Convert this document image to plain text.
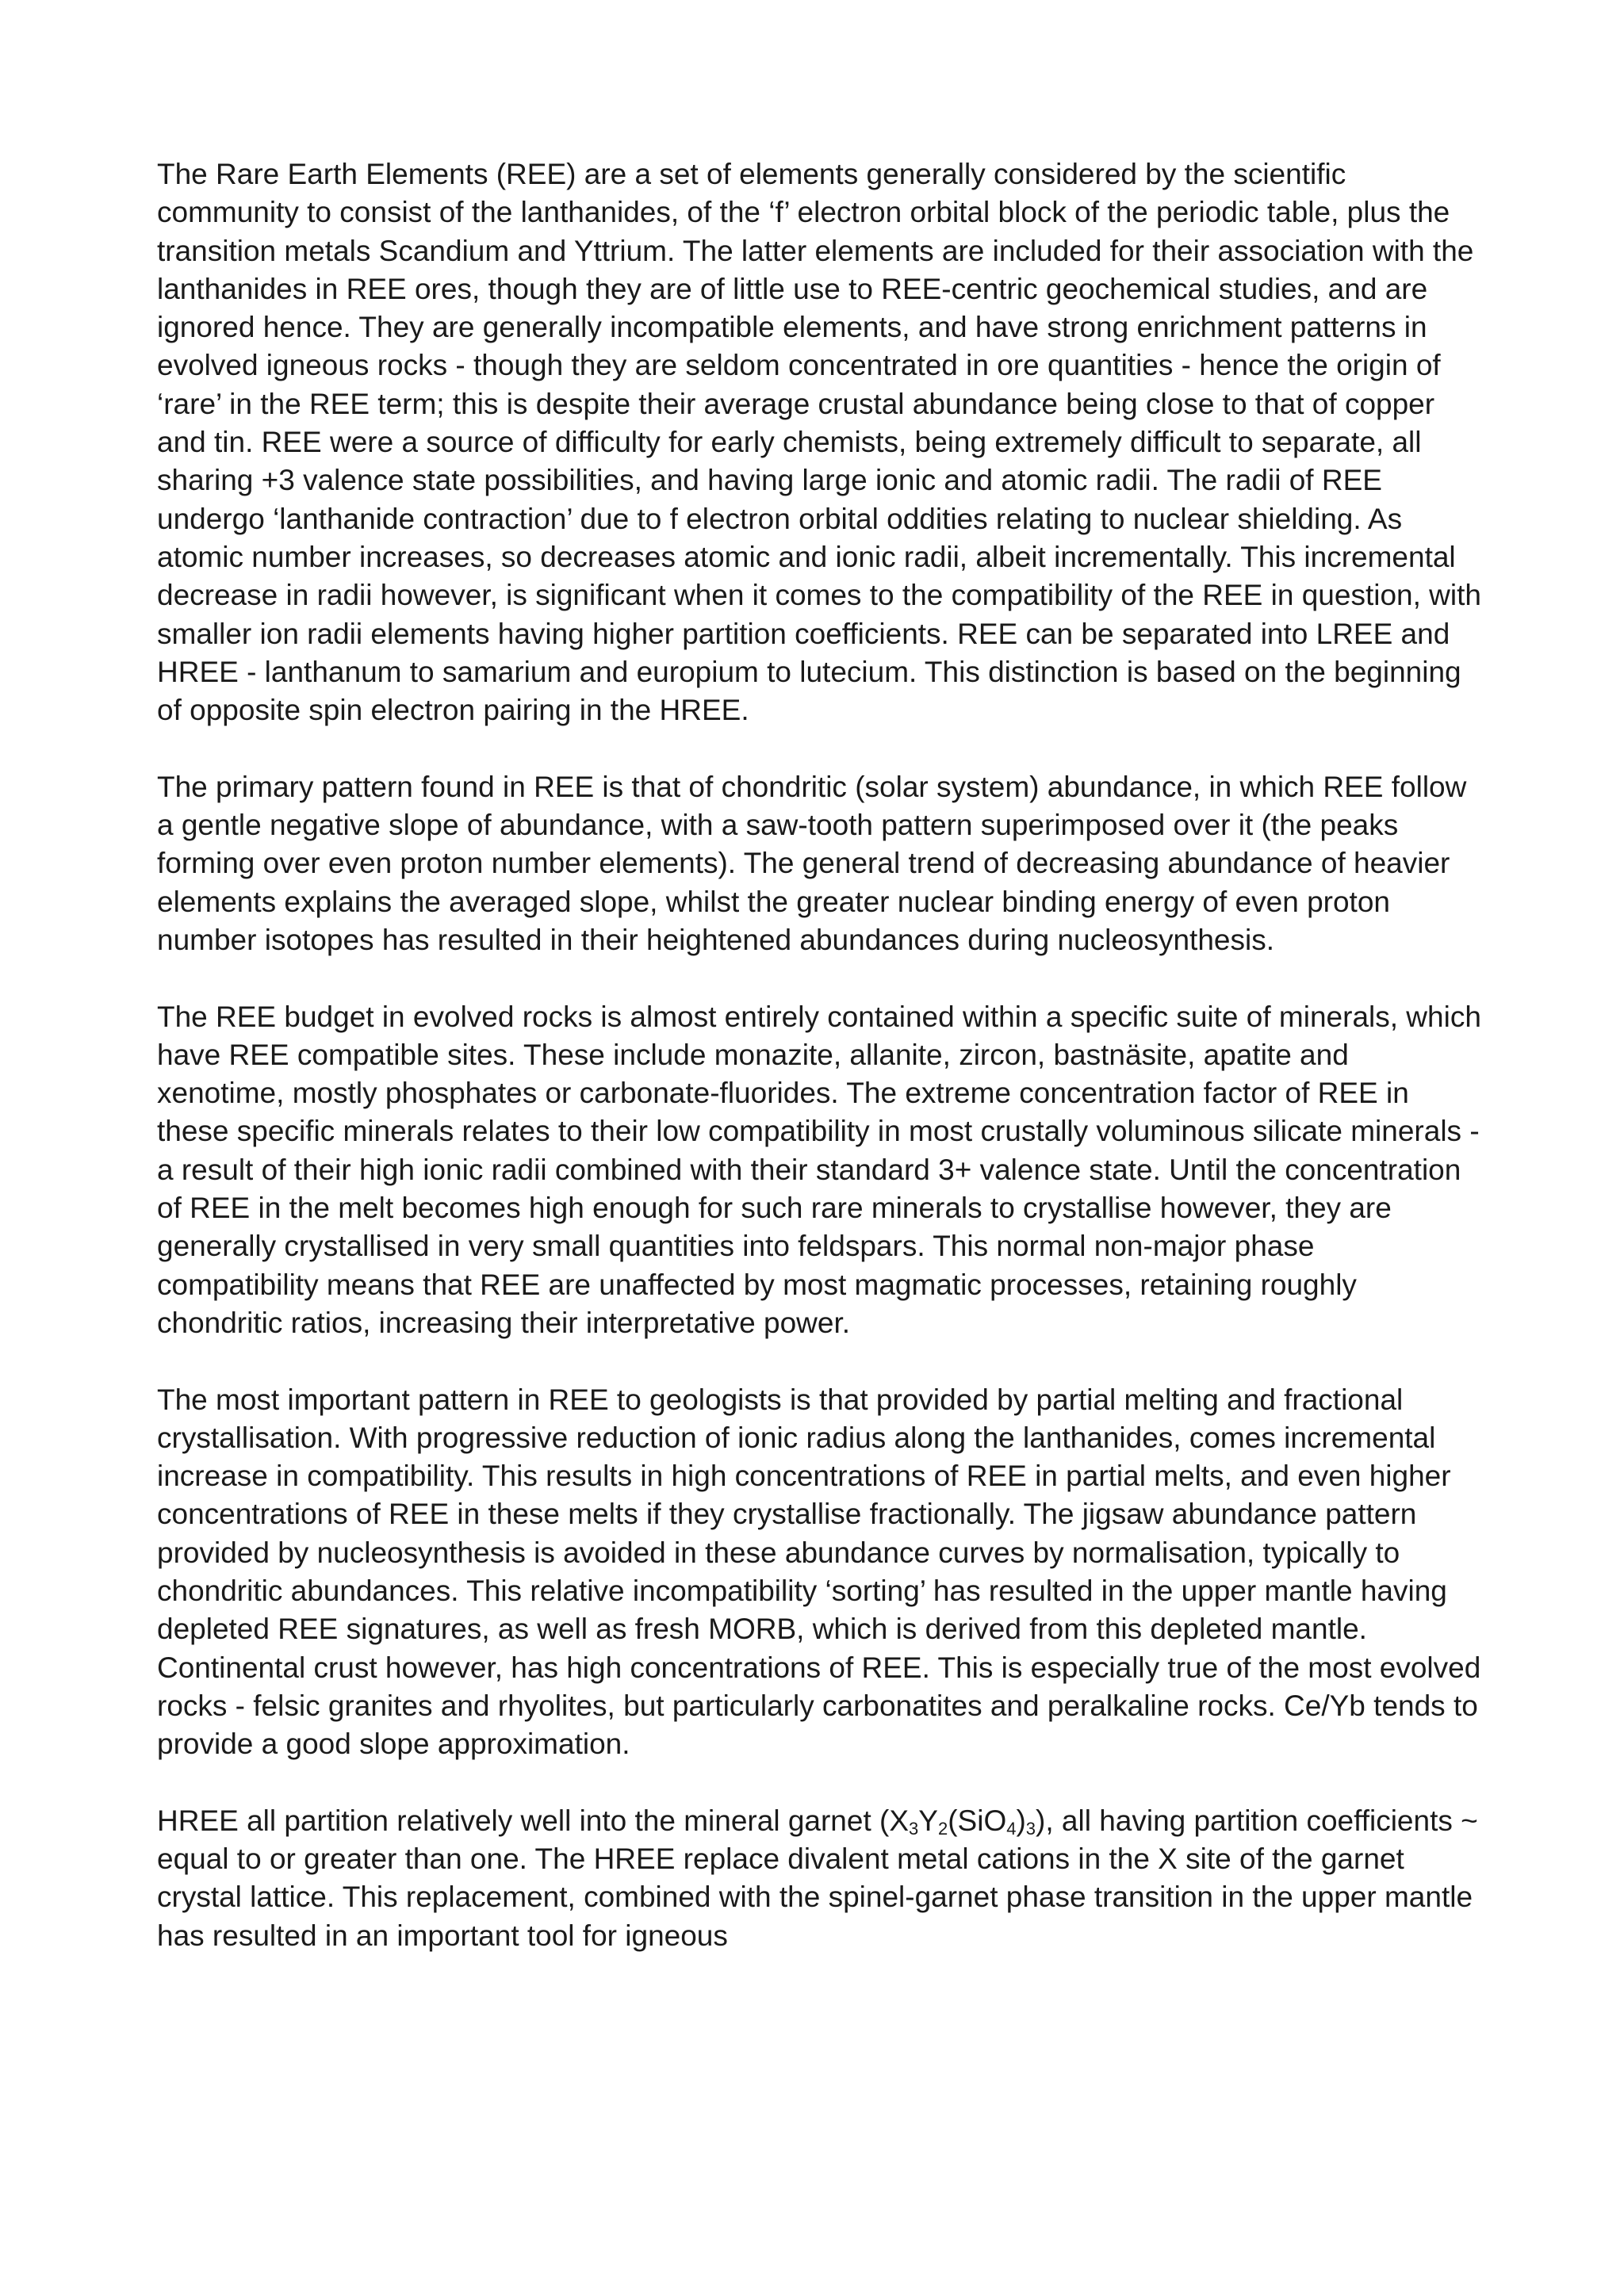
The Rare Earth Elements (REE) are a set of elements generally considered by the scientific community to consist of the lanthanides, of the ‘f’ electron orbital block of the periodic table, plus the transition metals Scandium and Yttrium. The latter elements are included for their association with the lanthanides in REE ores, though they are of little use to REE-centric geochemical studies, and are ignored hence. They are generally incompatible elements, and have strong enrichment patterns in evolved igneous rocks - though they are seldom concentrated in ore quantities - hence the origin of ‘rare’ in the REE term; this is despite their average crustal abundance being close to that of copper and tin. REE were a source of difficulty for early chemists, being extremely difficult to separate, all sharing +3 valence state possibilities, and having large ionic and atomic radii. The radii of REE undergo ‘lanthanide contraction’ due to f electron orbital oddities relating to nuclear shielding. As atomic number increases, so decreases atomic and ionic radii, albeit incrementally. This incremental decrease in radii however, is significant when it comes to the compatibility of the REE in question, with smaller ion radii elements having higher partition coefficients. REE can be separated into LREE and HREE - lanthanum to samarium and europium to lutecium. This distinction is based on the beginning of opposite spin electron pairing in the HREE.

The primary pattern found in REE is that of chondritic (solar system) abundance, in which REE follow a gentle negative slope of abundance, with a saw-tooth pattern superimposed over it (the peaks forming over even proton number elements). The general trend of decreasing abundance of heavier elements explains the averaged slope, whilst the greater nuclear binding energy of even proton number isotopes has resulted in their heightened abundances during nucleosynthesis.

The REE budget in evolved rocks is almost entirely contained within a specific suite of minerals, which have REE compatible sites. These include monazite, allanite, zircon, bastnäsite, apatite and xenotime, mostly phosphates or carbonate-fluorides. The extreme concentration factor of REE in these specific minerals relates to their low compatibility in most crustally voluminous silicate minerals - a result of their high ionic radii combined with their standard 3+ valence state. Until the concentration of REE in the melt becomes high enough for such rare minerals to crystallise however, they are generally crystallised in very small quantities into feldspars. This normal non-major phase compatibility means that REE are unaffected by most magmatic processes, retaining roughly chondritic ratios, increasing their interpretative power.

The most important pattern in REE to geologists is that provided by partial melting and fractional crystallisation. With progressive reduction of ionic radius along the lanthanides, comes incremental increase in compatibility. This results in high concentrations of REE in partial melts, and even higher concentrations of REE in these melts if they crystallise fractionally. The jigsaw abundance pattern provided by nucleosynthesis is avoided in these abundance curves by normalisation, typically to chondritic abundances. This relative incompatibility ‘sorting’ has resulted in the upper mantle having depleted REE signatures, as well as fresh MORB, which is derived from this depleted mantle. Continental crust however, has high concentrations of REE. This is especially true of the most evolved rocks - felsic granites and rhyolites, but particularly carbonatites and peralkaline rocks. Ce/Yb tends to provide a good slope approximation.

HREE all partition relatively well into the mineral garnet $(X_3Y_2(SiO_4)_3)$, all having partition coefficients ~ equal to or greater than one. The HREE replace divalent metal cations in the X site of the garnet crystal lattice. This replacement, combined with the spinel-garnet phase transition in the upper mantle has resulted in an important tool for igneous
